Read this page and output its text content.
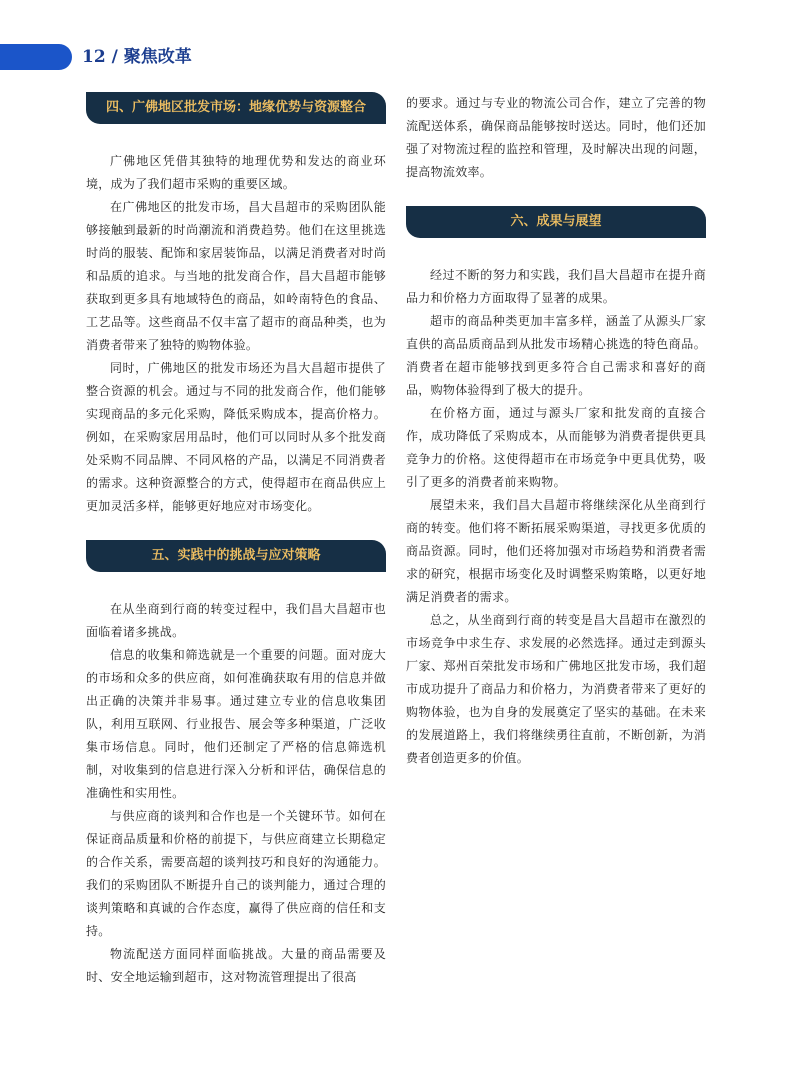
12 / 聚焦改革
四、广佛地区批发市场：地缘优势与资源整合

广佛地区凭借其独特的地理优势和发达的商业环境，成为了我们超市采购的重要区域。

在广佛地区的批发市场，昌大昌超市的采购团队能够接触到最新的时尚潮流和消费趋势。他们在这里挑选时尚的服装、配饰和家居装饰品，以满足消费者对时尚和品质的追求。与当地的批发商合作，昌大昌超市能够获取到更多具有地域特色的商品，如岭南特色的食品、工艺品等。这些商品不仅丰富了超市的商品种类，也为消费者带来了独特的购物体验。

同时，广佛地区的批发市场还为昌大昌超市提供了整合资源的机会。通过与不同的批发商合作，他们能够实现商品的多元化采购，降低采购成本，提高价格力。例如，在采购家居用品时，他们可以同时从多个批发商处采购不同品牌、不同风格的产品，以满足不同消费者的需求。这种资源整合的方式，使得超市在商品供应上更加灵活多样，能够更好地应对市场变化。

五、实践中的挑战与应对策略

在从坐商到行商的转变过程中，我们昌大昌超市也面临着诸多挑战。

信息的收集和筛选就是一个重要的问题。面对庞大的市场和众多的供应商，如何准确获取有用的信息并做出正确的决策并非易事。通过建立专业的信息收集团队，利用互联网、行业报告、展会等多种渠道，广泛收集市场信息。同时，他们还制定了严格的信息筛选机制，对收集到的信息进行深入分析和评估，确保信息的准确性和实用性。

与供应商的谈判和合作也是一个关键环节。如何在保证商品质量和价格的前提下，与供应商建立长期稳定的合作关系，需要高超的谈判技巧和良好的沟通能力。我们的采购团队不断提升自己的谈判能力，通过合理的谈判策略和真诚的合作态度，赢得了供应商的信任和支持。

物流配送方面同样面临挑战。大量的商品需要及时、安全地运输到超市，这对物流管理提出了很高

的要求。通过与专业的物流公司合作，建立了完善的物流配送体系，确保商品能够按时送达。同时，他们还加强了对物流过程的监控和管理，及时解决出现的问题，提高物流效率。

六、成果与展望

经过不断的努力和实践，我们昌大昌超市在提升商品力和价格力方面取得了显著的成果。

超市的商品种类更加丰富多样，涵盖了从源头厂家直供的高品质商品到从批发市场精心挑选的特色商品。消费者在超市能够找到更多符合自己需求和喜好的商品，购物体验得到了极大的提升。

在价格方面，通过与源头厂家和批发商的直接合作，成功降低了采购成本，从而能够为消费者提供更具竞争力的价格。这使得超市在市场竞争中更具优势，吸引了更多的消费者前来购物。

展望未来，我们昌大昌超市将继续深化从坐商到行商的转变。他们将不断拓展采购渠道，寻找更多优质的商品资源。同时，他们还将加强对市场趋势和消费者需求的研究，根据市场变化及时调整采购策略，以更好地满足消费者的需求。

总之，从坐商到行商的转变是昌大昌超市在激烈的市场竞争中求生存、求发展的必然选择。通过走到源头厂家、郑州百荣批发市场和广佛地区批发市场，我们超市成功提升了商品力和价格力，为消费者带来了更好的购物体验，也为自身的发展奠定了坚实的基础。在未来的发展道路上，我们将继续勇往直前，不断创新，为消费者创造更多的价值。
